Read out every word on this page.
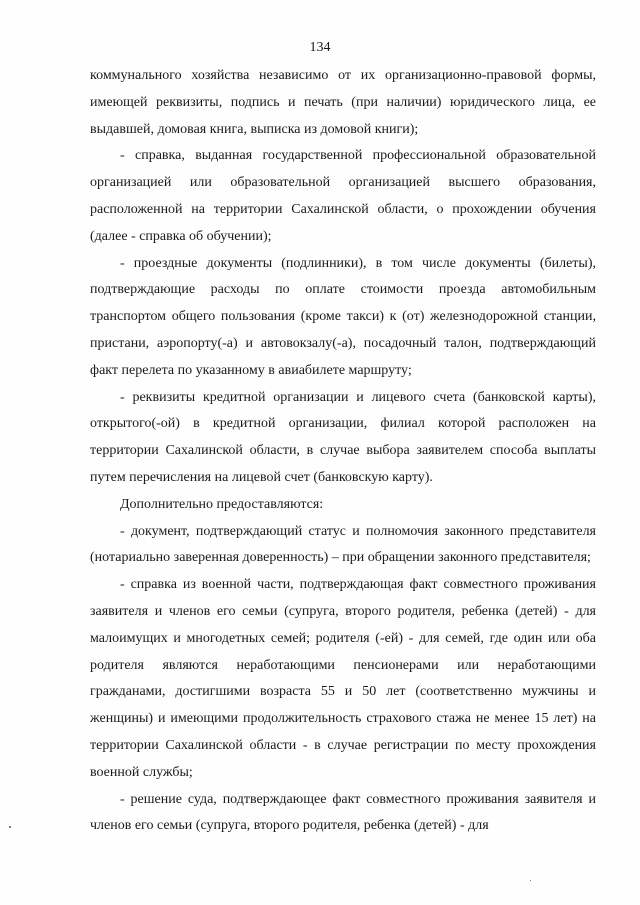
134

коммунального хозяйства независимо от их организационно-правовой формы, имеющей реквизиты, подпись и печать (при наличии) юридического лица, ее выдавшей, домовая книга, выписка из домовой книги);

- справка, выданная государственной профессиональной образовательной организацией или образовательной организацией высшего образования, расположенной на территории Сахалинской области, о прохождении обучения (далее - справка об обучении);

- проездные документы (подлинники), в том числе документы (билеты), подтверждающие расходы по оплате стоимости проезда автомобильным транспортом общего пользования (кроме такси) к (от) железнодорожной станции, пристани, аэропорту(-а) и автовокзалу(-а), посадочный талон, подтверждающий факт перелета по указанному в авиабилете маршруту;

- реквизиты кредитной организации и лицевого счета (банковской карты), открытого(-ой) в кредитной организации, филиал которой расположен на территории Сахалинской области, в случае выбора заявителем способа выплаты путем перечисления на лицевой счет (банковскую карту).

Дополнительно предоставляются:

- документ, подтверждающий статус и полномочия законного представителя (нотариально заверенная доверенность) – при обращении законного представителя;

- справка из военной части, подтверждающая факт совместного проживания заявителя и членов его семьи (супруга, второго родителя, ребенка (детей) - для малоимущих и многодетных семей; родителя (-ей) - для семей, где один или оба родителя являются неработающими пенсионерами или неработающими гражданами, достигшими возраста 55 и 50 лет (соответственно мужчины и женщины) и имеющими продолжительность страхового стажа не менее 15 лет) на территории Сахалинской области - в случае регистрации по месту прохождения военной службы;

- решение суда, подтверждающее факт совместного проживания заявителя и членов его семьи (супруга, второго родителя, ребенка (детей) - для
